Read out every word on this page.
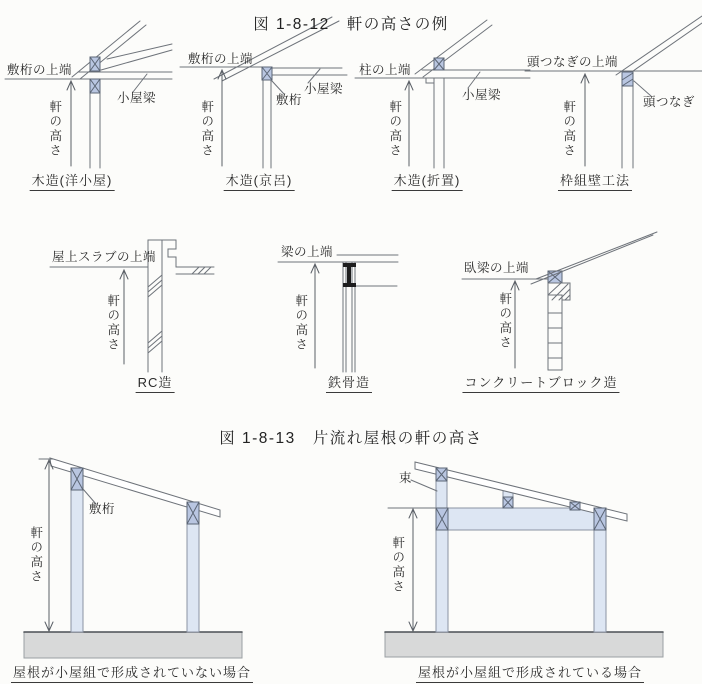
図 1-8-12　軒の高さの例
図 1-8-13　片流れ屋根の軒の高さ
敷桁の上端
小屋梁
軒の高さ
木造(洋小屋)
敷桁の上端
敷桁
小屋梁
軒の高さ
木造(京呂)
柱の上端
小屋梁
軒の高さ
木造(折置)
頭つなぎの上端
頭つなぎ
軒の高さ
枠組壁工法
屋上スラブの上端
軒の高さ
RC造
梁の上端
軒の高さ
鉄骨造
臥梁の上端
軒の高さ
コンクリートブロック造
敷桁
軒の高さ
屋根が小屋組で形成されていない場合
束
軒の高さ
屋根が小屋組で形成されている場合
